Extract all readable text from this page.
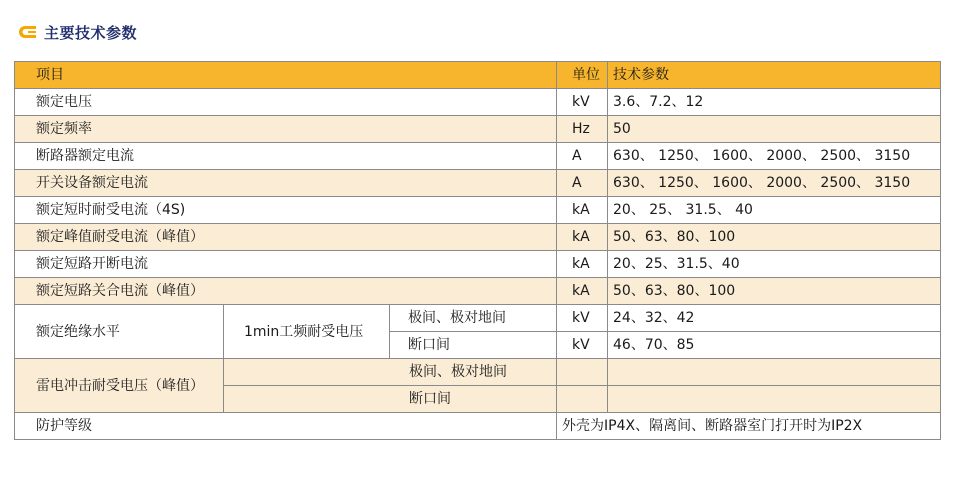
主要技术参数
项目			单位	技术参数
额定电压			kV	3.6、7.2、12
额定频率			Hz	50
断路器额定电流			A	630、 1250、 1600、 2000、 2500、 3150
开关设备额定电流			A	630、 1250、 1600、 2000、 2500、 3150
额定短时耐受电流（4S)			kA	20、 25、 31.5、 40
额定峰值耐受电流（峰值）			kA	50、63、80、100
额定短路开断电流			kA	20、25、31.5、40
额定短路关合电流（峰值）			kA	50、63、80、100
额定绝缘水平	1min工频耐受电压	极间、极对地间	kV	24、32、42
		断口间	kV	46、70、85
雷电冲击耐受电压（峰值）	极间、极对地间			
	断口间			
防护等级			外壳为IP4X、隔离间、断路器室门打开时为IP2X	
